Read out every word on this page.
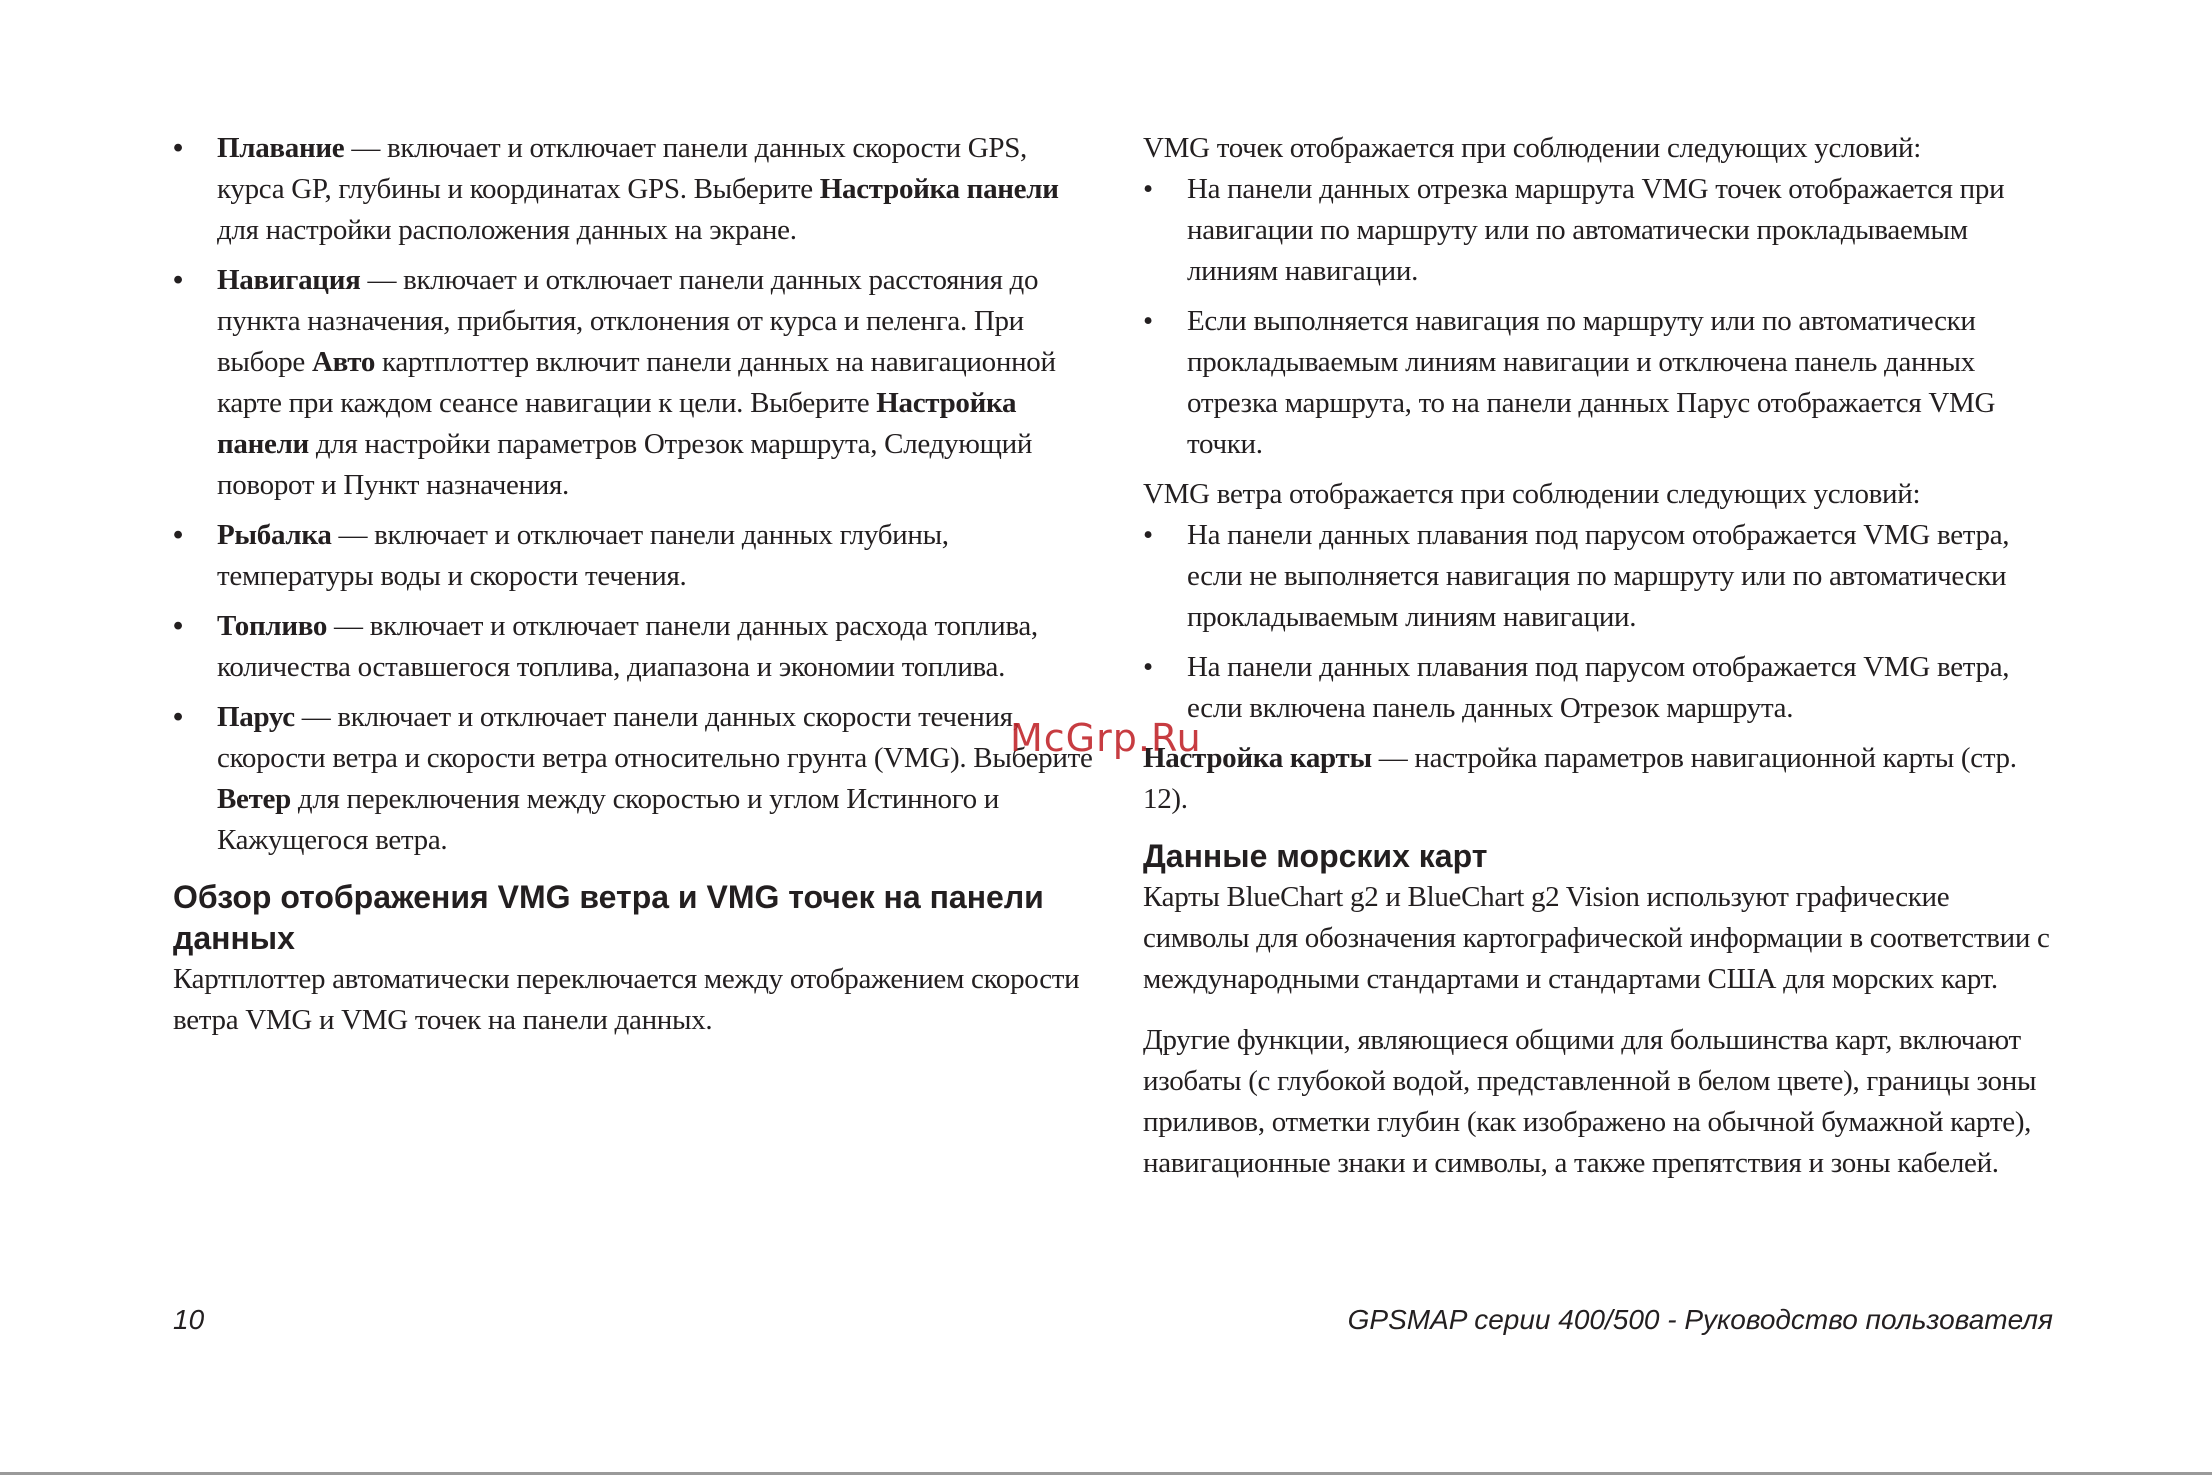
•	Плавание — включает и отключает панели данных скорости GPS, курса GP, глубины и координатах GPS. Выберите Настройка панели для настройки расположения данных на экране.
•	Навигация — включает и отключает панели данных расстояния до пункта назначения, прибытия, отклонения от курса и пеленга. При выборе Авто картплоттер включит панели данных на навигационной карте при каждом сеансе навигации к цели. Выберите Настройка панели для настройки параметров Отрезок маршрута, Следующий поворот и Пункт назначения.
•	Рыбалка — включает и отключает панели данных глубины, температуры воды и скорости течения.
•	Топливо — включает и отключает панели данных расхода топлива, количества оставшегося топлива, диапазона и экономии топлива.
•	Парус — включает и отключает панели данных скорости течения, скорости ветра и скорости ветра относительно грунта (VMG). Выберите Ветер для переключения между скоростью и углом Истинного и Кажущегося ветра.
Обзор отображения VMG ветра и VMG точек на панели данных

Картплоттер автоматически переключается между отображением скорости ветра VMG и VMG точек на панели данных.

VMG точек отображается при соблюдении следующих условий:

•	На панели данных отрезка маршрута VMG точек отображается при навигации по маршруту или по автоматически прокладываемым линиям навигации.
•	Если выполняется навигация по маршруту или по автоматически прокладываемым линиям навигации и отключена панель данных отрезка маршрута, то на панели данных Парус отображается VMG точки.

VMG ветра отображается при соблюдении следующих условий:

•	На панели данных плавания под парусом отображается VMG ветра, если не выполняется навигация по маршруту или по автоматически прокладываемым линиям навигации.
•	На панели данных плавания под парусом отображается VMG ветра, если включена панель данных Отрезок маршрута.

Настройка карты — настройка параметров навигационной карты (стр. 12).

Данные морских карт

Карты BlueChart g2 и BlueChart g2 Vision используют графические символы для обозначения картографической информации в соответствии с международными стандартами и стандартами США для морских карт.

Другие функции, являющиеся общими для большинства карт, включают изобаты (с глубокой водой, представленной в белом цвете), границы зоны приливов, отметки глубин (как изображено на обычной бумажной карте), навигационные знаки и символы, а также препятствия и зоны кабелей.

10	GPSMAP серии 400/500 - Руководство пользователя
McGrp.Ru
